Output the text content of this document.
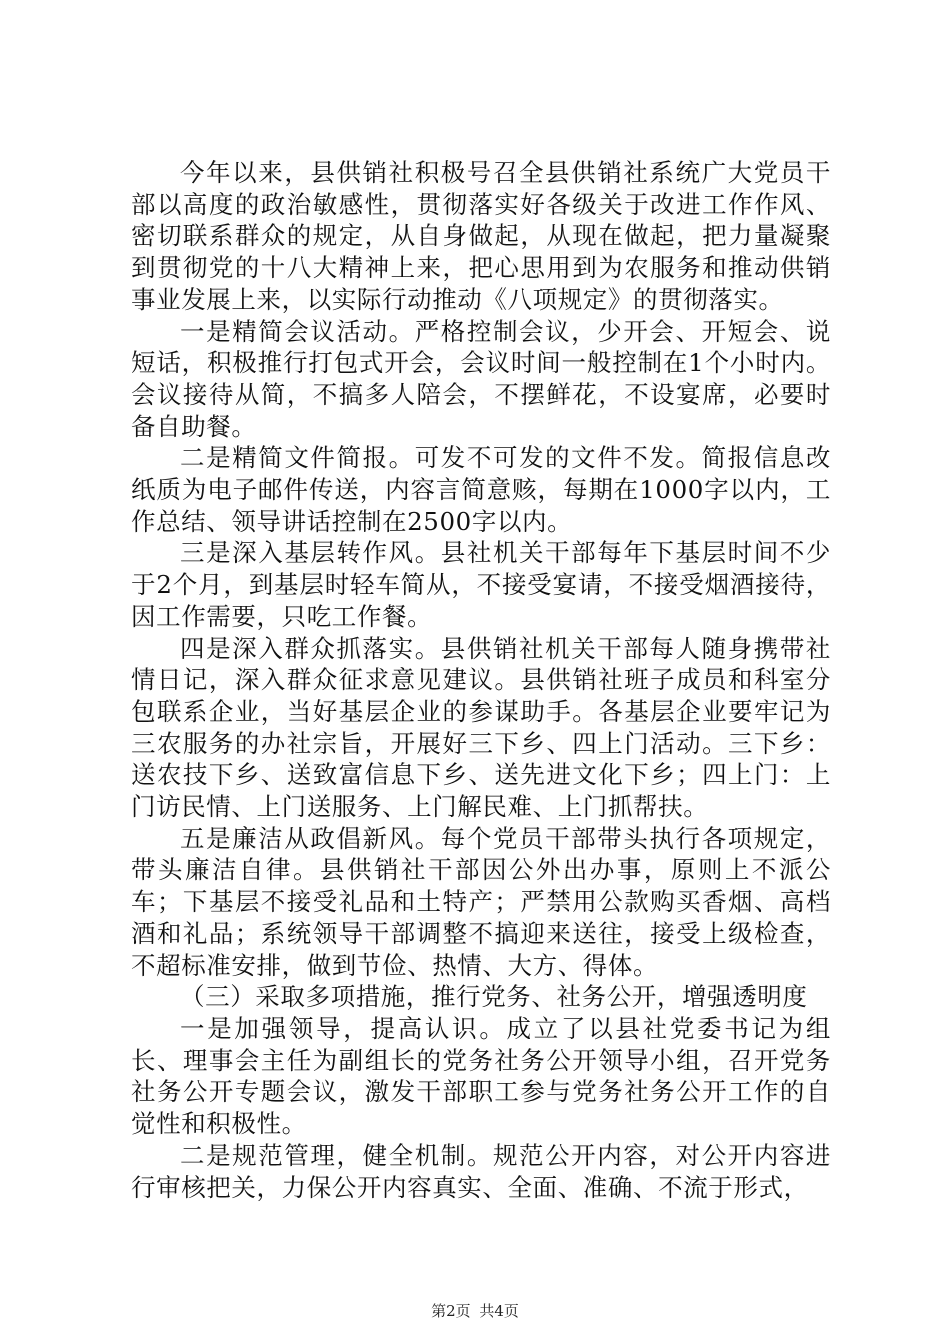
今年以来，县供销社积极号召全县供销社系统广大党员干部以高度的政治敏感性，贯彻落实好各级关于改进工作作风、密切联系群众的规定，从自身做起，从现在做起，把力量凝聚到贯彻党的十八大精神上来，把心思用到为农服务和推动供销事业发展上来，以实际行动推动《八项规定》的贯彻落实。

一是精简会议活动。严格控制会议，少开会、开短会、说短话，积极推行打包式开会，会议时间一般控制在1个小时内。会议接待从简，不搞多人陪会，不摆鲜花，不设宴席，必要时备自助餐。

二是精简文件简报。可发不可发的文件不发。简报信息改纸质为电子邮件传送，内容言简意赅，每期在1000字以内，工作总结、领导讲话控制在2500字以内。

三是深入基层转作风。县社机关干部每年下基层时间不少于2个月，到基层时轻车简从，不接受宴请，不接受烟酒接待，因工作需要，只吃工作餐。

四是深入群众抓落实。县供销社机关干部每人随身携带社情日记，深入群众征求意见建议。县供销社班子成员和科室分包联系企业，当好基层企业的参谋助手。各基层企业要牢记为三农服务的办社宗旨，开展好三下乡、四上门活动。三下乡：送农技下乡、送致富信息下乡、送先进文化下乡；四上门：上门访民情、上门送服务、上门解民难、上门抓帮扶。

五是廉洁从政倡新风。每个党员干部带头执行各项规定，带头廉洁自律。县供销社干部因公外出办事，原则上不派公车；下基层不接受礼品和土特产；严禁用公款购买香烟、高档酒和礼品；系统领导干部调整不搞迎来送往，接受上级检查，不超标准安排，做到节俭、热情、大方、得体。

（三）采取多项措施，推行党务、社务公开，增强透明度

一是加强领导，提高认识。成立了以县社党委书记为组长、理事会主任为副组长的党务社务公开领导小组，召开党务社务公开专题会议，激发干部职工参与党务社务公开工作的自觉性和积极性。

二是规范管理，健全机制。规范公开内容，对公开内容进行审核把关，力保公开内容真实、全面、准确、不流于形式，

第2页 共4页
